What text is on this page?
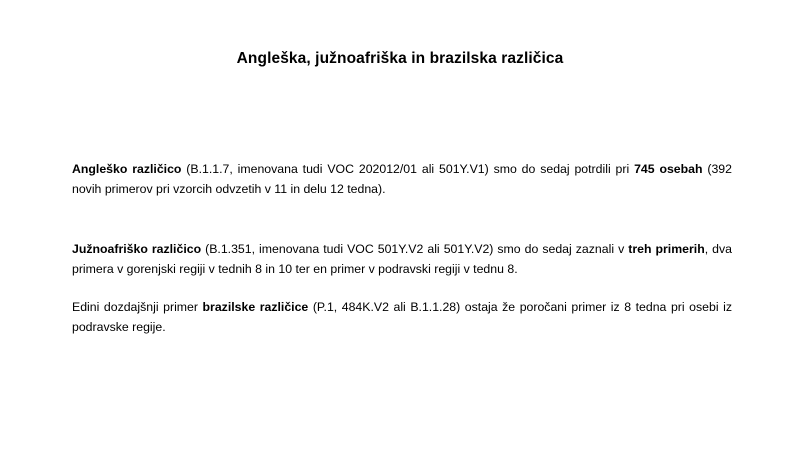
Angleška, južnoafriška in brazilska različica

Angleško različico (B.1.1.7, imenovana tudi VOC 202012/01 ali 501Y.V1) smo do sedaj potrdili pri 745 osebah (392 novih primerov pri vzorcih odvzetih v 11 in delu 12 tedna).

Južnoafriško različico (B.1.351, imenovana tudi VOC 501Y.V2 ali 501Y.V2) smo do sedaj zaznali v treh primerih, dva primera v gorenjski regiji v tednih 8 in 10 ter en primer v podravski regiji v tednu 8.

Edini dozdajšnji primer brazilske različice (P.1, 484K.V2 ali B.1.1.28) ostaja že poročani primer iz 8 tedna pri osebi iz podravske regije.
